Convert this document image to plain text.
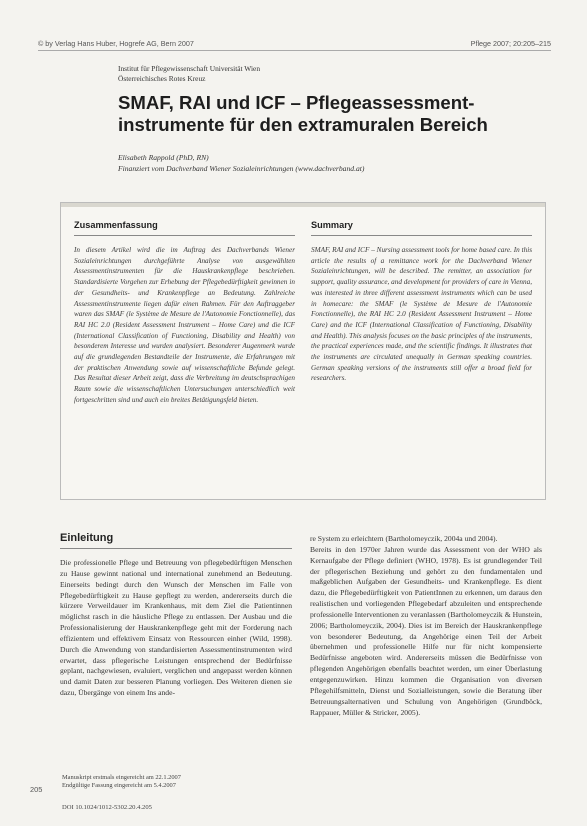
© by Verlag Hans Huber, Hogrefe AG, Bern 2007	Pflege 2007; 20:205–215
Institut für Pflegewissenschaft Universität Wien
Österreichisches Rotes Kreuz
SMAF, RAI und ICF – Pflegeassessment-instrumente für den extramuralen Bereich
Elisabeth Rappold (PhD, RN)
Finanziert vom Dachverband Wiener Sozialeinrichtungen (www.dachverband.at)
Zusammenfassung

In diesem Artikel wird die im Auftrag des Dachverbands Wiener Sozialeinrichtungen durchgeführte Analyse von ausgewählten Assessmentinstrumenten für die Hauskrankenpflege beschrieben. Standardisierte Vorgehen zur Erhebung der Pflegebedürftigkeit gewinnen in der Gesundheits- und Krankenpflege an Bedeutung. Zahlreiche Assessmentinstrumente liegen dafür einen Rahmen. Für den Auftraggeber waren das SMAF (le Système de Mesure de l'Autonomie Fonctionnelle), das RAI HC 2.0 (Resident Assessment Instrument – Home Care) und die ICF (International Classification of Functioning, Disability and Health) von besonderem Interesse und wurden analysiert. Besonderer Augenmerk wurde auf die grundlegenden Bestandteile der Instrumente, die Erfahrungen mit der praktischen Anwendung sowie auf wissenschaftliche Befunde gelegt. Das Resultat dieser Arbeit zeigt, dass die Verbreitung im deutschsprachigen Raum sowie die wissenschaftlichen Untersuchungen unterschiedlich weit fortgeschritten sind und auch ein breites Betätigungsfeld bieten.

Summary

SMAF, RAI and ICF – Nursing assessment tools for home based care. In this article the results of a remittance work for the Dachverband Wiener Sozialeinrichtungen, will be described. The remitter, an association for support, quality assurance, and development for providers of care in Vienna, was interested in three different assessment instruments which can be used in homecare: the SMAF (le Système de Mesure de l'Autonomie Fonctionnelle), the RAI HC 2.0 (Resident Assessment Instrument – Home Care) and the ICF (International Classification of Functioning, Disability and Health). This analysis focuses on the basic principles of the instruments, the practical experiences made, and the scientific findings. It illustrates that the instruments are circulated unequally in German speaking countries. German speaking versions of the instruments still offer a broad field for researchers.

Einleitung

Die professionelle Pflege und Betreuung von pflegebedürftigen Menschen zu Hause gewinnt national und international zunehmend an Bedeutung. Einerseits bedingt durch den Wunsch der Menschen im Falle von Pflegebedürftigkeit zu Hause gepflegt zu werden, andererseits durch die kürzere Verweildauer im Krankenhaus, mit dem Ziel die Patientinnen möglichst rasch in die häusliche Pflege zu entlassen. Der Ausbau und die Professionalisierung der Hauskrankenpflege geht mit der Forderung nach effizientem und effektivem Einsatz von Ressourcen einher (Wild, 1998). Durch die Anwendung von standardisierten Assessmentinstrumenten wird erwartet, dass pflegerische Leistungen entsprechend der Bedürfnisse geplant, nachgewiesen, evaluiert, verglichen und angepasst werden können und damit Daten zur besseren Planung vorliegen. Des Weiteren dienen sie dazu, Übergänge von einem Ins ande-

re System zu erleichtern (Bartholomeyczik, 2004a und 2004).
Bereits in den 1970er Jahren wurde das Assessment von der WHO als Kernaufgabe der Pflege definiert (WHO, 1978). Es ist grundlegender Teil der pflegerischen Beziehung und gehört zu den fundamentalen und maßgeblichen Aufgaben der Gesundheits- und Krankenpflege. Es dient dazu, die Pflegebedürftigkeit von PatientInnen zu erkennen, um daraus den realistischen und vorliegenden Pflegebedarf abzuleiten und entsprechende professionelle Interventionen zu veranlassen (Bartholomeyczik & Hunstein, 2006; Bartholomeyczik, 2004). Dies ist im Bereich der Hauskrankenpflege von besonderer Bedeutung, da Angehörige einen Teil der Arbeit übernehmen und professionelle Hilfe nur für nicht kompensierte Bedürfnisse angeboten wird. Andererseits müssen die Bedürfnisse von pflegenden Angehörigen ebenfalls beachtet werden, um einer Überlastung entgegenzuwirken. Hinzu kommen die Organisation von diversen Pflegehilfsmitteln, Dienst und Sozialleistungen, sowie die Beratung über Betreuungsalternativen und Schulung von Angehörigen (Grundböck, Rappauer, Müller & Stricker, 2005).

Manuskript erstmals eingereicht am 22.1.2007
Endgültige Fassung eingereicht am 5.4.2007
DOI 10.1024/1012-5302.20.4.205
205
